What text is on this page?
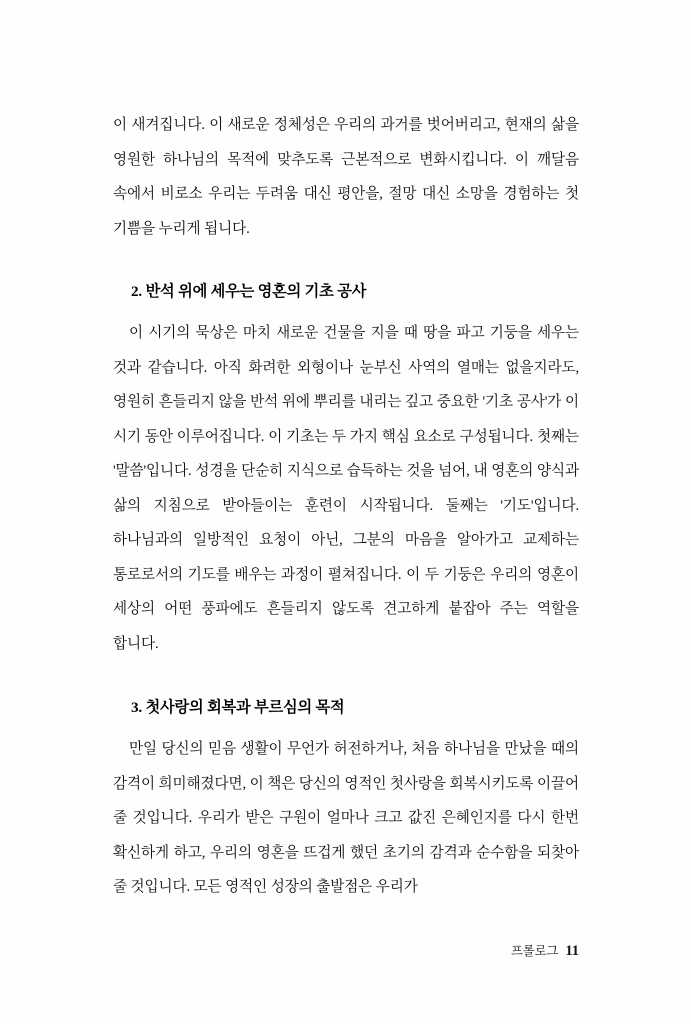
이 새겨집니다. 이 새로운 정체성은 우리의 과거를 벗어버리고, 현재의 삶을 영원한 하나님의 목적에 맞추도록 근본적으로 변화시킵니다. 이 깨달음 속에서 비로소 우리는 두려움 대신 평안을, 절망 대신 소망을 경험하는 첫 기쁨을 누리게 됩니다.

2. 반석 위에 세우는 영혼의 기초 공사

이 시기의 묵상은 마치 새로운 건물을 지을 때 땅을 파고 기둥을 세우는 것과 같습니다. 아직 화려한 외형이나 눈부신 사역의 열매는 없을지라도, 영원히 흔들리지 않을 반석 위에 뿌리를 내리는 깊고 중요한 '기초 공사'가 이 시기 동안 이루어집니다. 이 기초는 두 가지 핵심 요소로 구성됩니다. 첫째는 '말씀'입니다. 성경을 단순히 지식으로 습득하는 것을 넘어, 내 영혼의 양식과 삶의 지침으로 받아들이는 훈련이 시작됩니다. 둘째는 '기도'입니다. 하나님과의 일방적인 요청이 아닌, 그분의 마음을 알아가고 교제하는 통로로서의 기도를 배우는 과정이 펼쳐집니다. 이 두 기둥은 우리의 영혼이 세상의 어떤 풍파에도 흔들리지 않도록 견고하게 붙잡아 주는 역할을 합니다.

3. 첫사랑의 회복과 부르심의 목적

만일 당신의 믿음 생활이 무언가 허전하거나, 처음 하나님을 만났을 때의 감격이 희미해졌다면, 이 책은 당신의 영적인 첫사랑을 회복시키도록 이끌어 줄 것입니다. 우리가 받은 구원이 얼마나 크고 값진 은혜인지를 다시 한번 확신하게 하고, 우리의 영혼을 뜨겁게 했던 초기의 감격과 순수함을 되찾아 줄 것입니다. 모든 영적인 성장의 출발점은 우리가

프롤로그 11
